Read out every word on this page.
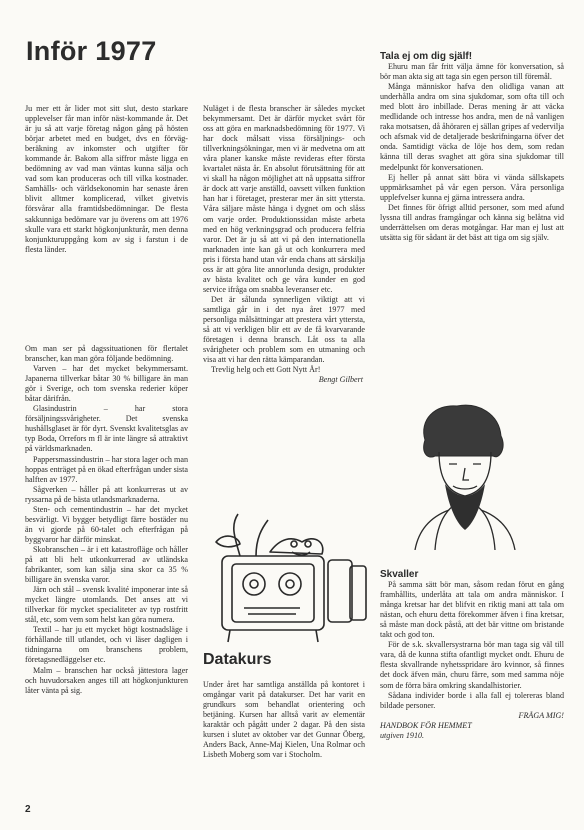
Inför 1977

Ju mer ett år lider mot sitt slut, desto starkare upplevelser får man inför näst-kommande år. Det är ju så att varje företag någon gång på hösten börjar arbetet med en budget, dvs en förväg-beräkning av inkomster och utgifter för kommande år. Bakom alla siffror måste ligga en bedömning av vad man väntas kunna sälja och vad som kan produceras och till vilka kostnader. Samhälls- och världsekonomin har senaste åren blivit alltmer komplicerad, vilket givetvis försvårar alla framtidsbedömningar. De flesta sakkunniga bedömare var ju överens om att 1976 skulle vara ett starkt högkonjunkturår, men denna konjunkturuppgång kom av sig i farstun i de flesta länder.

Om man ser på dagssituationen för flertalet branscher, kan man göra följande bedömning.

Varven – har det mycket bekymmersamt. Japanerna tillverkar båtar 30 % billigare än man gör i Sverige, och tom svenska rederier köper båtar därifrån.

Glasindustrin – har stora försäljningssvårigheter. Det svenska hushållsglaset är för dyrt. Svenskt kvalitetsglas av typ Boda, Orrefors m fl är inte längre så attraktivt på världsmarknaden.

Pappersmassindustrin – har stora lager och man hoppas enträget på en ökad efterfrågan under sista halften av 1977.

Sågverken – håller på att konkurreras ut av ryssarna på de bästa utlandsmarknaderna.

Sten- och cementindustrin – har det mycket besvärligt. Vi bygger betydligt färre bostäder nu än vi gjorde på 60-talet och efterfrågan på byggvaror har därför minskat.

Skobranschen – är i ett katastrofläge och håller på att bli helt utkonkurrerad av utländska fabrikanter, som kan sälja sina skor ca 35 % billigare än svenska varor.

Järn och stål – svensk kvalité imponerar inte så mycket längre utomlands. Det anses att vi tillverkar för mycket specialiteter av typ rostfritt stål, etc, som vem som helst kan göra numera.

Textil – har ju ett mycket högt kostnadsläge i förhållande till utlandet, och vi läser dagligen i tidningarna om branschens problem, företagsnedläggelser etc.

Malm – branschen har också jättestora lager och huvudorsaken anges till att högkonjunkturen låter vänta på sig.

Nuläget i de flesta branscher är således mycket bekymmersamt. Det är därför mycket svårt för oss att göra en marknadsbedömning för 1977. Vi har dock målsatt vissa försäljnings- och tillverkningsökningar, men vi är medvetna om att våra planer kanske måste revideras efter första kvartalet nästa år. En absolut förutsättning för att vi skall ha någon möjlighet att nå uppsatta siffror är dock att varje anställd, oavsett vilken funktion han har i företaget, presterar mer än sitt yttersta. Våra säljare måste hänga i dygnet om och slåss om varje order. Produktionssidan måste arbeta med en hög verkningsgrad och producera felfria varor. Det är ju så att vi på den internationella marknaden inte kan gå ut och konkurrera med pris i första hand utan vår enda chans att särskilja oss är att göra lite annorlunda design, produkter av bästa kvalitet och ge våra kunder en god service ifråga om snabba leveranser etc.

Det är sålunda synnerligen viktigt att vi samtliga går in i det nya året 1977 med personliga målsättningar att prestera vårt yttersta, så att vi verkligen blir ett av de få kvarvarande företagen i denna bransch. Låt oss ta alla svårigheter och problem som en utmaning och visa att vi har den rätta kämparandan.

Trevlig helg och ett Gott Nytt År!

Bengt Gilbert

Datakurs

Under året har samtliga anställda på kontoret i omgångar varit på datakurser. Det har varit en grundkurs som behandlat orientering och betjäning. Kursen har alltså varit av elementär karaktär och pågått under 2 dagar. På den sista kursen i slutet av oktober var det Gunnar Öberg, Anders Back, Anne-Maj Kielen, Una Rolmar och Lisbeth Moberg som var i Stocholm.

Tala ej om dig själf!

Ehuru man får fritt välja ämne för konversation, så bör man akta sig att taga sin egen person till föremål.

Många människor hafva den olidliga vanan att underhålla andra om sina sjukdomar, som ofta till och med blott äro inbillade. Deras mening är att väcka medlidande och intresse hos andra, men de nå vanligen raka motsatsen, då åhöraren ej sällan gripes af vedervilja och afsmak vid de detaljerade beskrifningarna öfver det onda. Samtidigt väcka de löje hos dem, som redan känna till deras svaghet att göra sina sjukdomar till medelpunkt för konversationen.

Ej heller på annat sätt böra vi vända sällskapets uppmärksamhet på vår egen person. Våra personliga upplefvelser kunna ej gärna intressera andra.

Det finnes för öfrigt alltid personer, som med afund lyssna till andras framgångar och känna sig belåtna vid underrättelsen om deras motgångar. Har man ej lust att utsätta sig för sådant är det bäst att tiga om sig själv.

Skvaller

På samma sätt bör man, såsom redan förut en gång framhållits, underlåta att tala om andra människor. I många kretsar har det blifvit en riktig mani att tala om nästan, och ehuru detta förekommer äfven i fina kretsar, så måste man dock påstå, att det bär vittne om bristande takt och god ton.

För de s.k. skvallersystrarna bör man taga sig väl till vara, då de kunna stifta ofantligt mycket ondt. Ehuru de flesta skvallrande nyhetsspridare äro kvinnor, så finnes det dock äfven män, churu färre, som med samma nöje som de förra bära omkring skandalhistorier.

Sådana individer borde i alla fall ej tolereras bland bildade personer.

FRÅGA MIG!

HANDBOK FÖR HEMMET

utgiven 1910.

2
